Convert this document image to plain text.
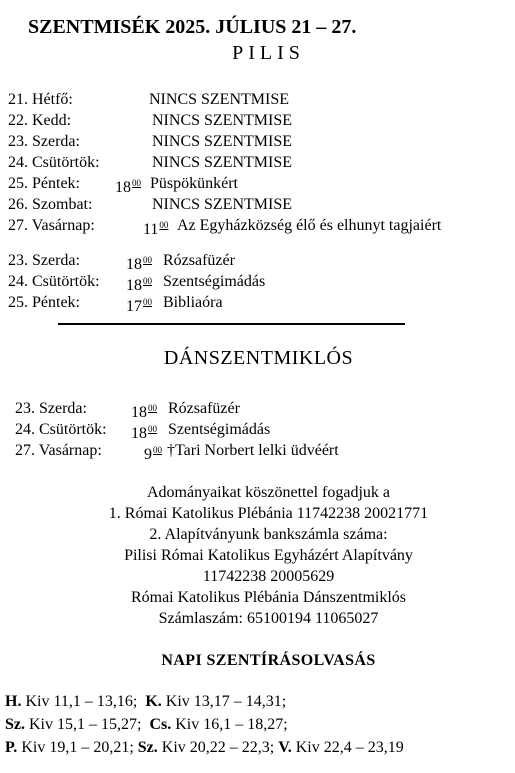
SZENTMISÉK 2025. JÚLIUS 21 – 27.
PILIS
21. Hétfő:	NINCS SZENTMISE
22. Kedd:	NINCS SZENTMISE
23. Szerda:	NINCS SZENTMISE
24. Csütörtök:	NINCS SZENTMISE
25. Péntek: $18^{00}$ Püspökünkért
26. Szombat:	NINCS SZENTMISE
27. Vasárnap:	$11^{00}$ Az Egyházközség élő és elhunyt tagjaiért
23. Szerda:	$18^{00}$ Rózsafüzér
24. Csütörtök: $18^{00}$ Szentségimádás
25. Péntek:	$17^{00}$ Bibliaóra
DÁNSZENTMIKLÓS
23. Szerda:	$18^{00}$ Rózsafüzér
24. Csütörtök: $18^{00}$ Szentségimádás
27. Vasárnap:	$9^{00}$ †Tari Norbert lelki üdvéért
Adományaikat köszönettel fogadjuk a
1. Római Katolikus Plébánia 11742238 20021771
2. Alapítványunk bankszámla száma:
Pilisi Római Katolikus Egyházért Alapítvány
11742238 20005629
Római Katolikus Plébánia Dánszentmiklós
Számlaszám: 65100194 11065027
NAPI SZENTÍRÁSOLVASÁS
H. Kiv 11,1 – 13,16; K. Kiv 13,17 – 14,31;
Sz. Kiv 15,1 – 15,27; Cs. Kiv 16,1 – 18,27;
P. Kiv 19,1 – 20,21; Sz. Kiv 20,22 – 22,3; V. Kiv 22,4 – 23,19
